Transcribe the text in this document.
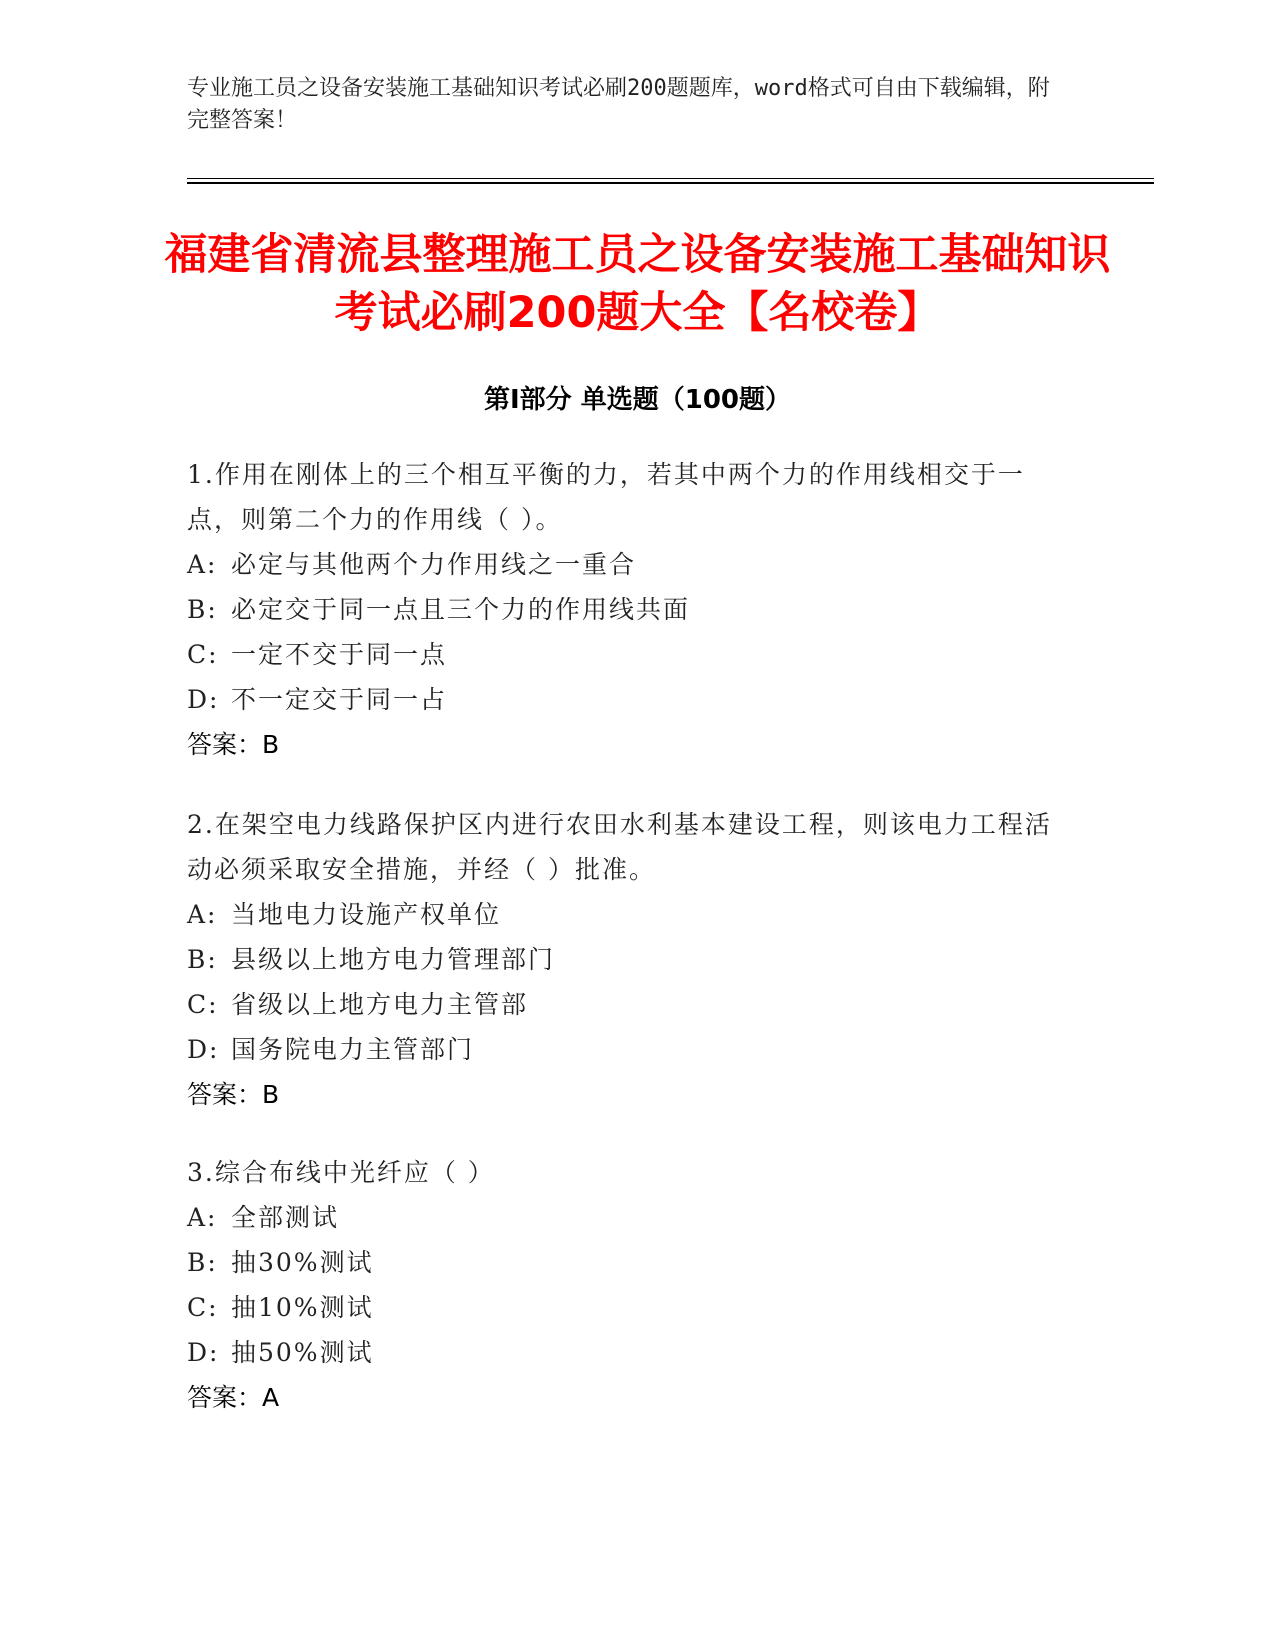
专业施工员之设备安装施工基础知识考试必刷200题题库，word格式可自由下载编辑，附完整答案！
福建省清流县整理施工员之设备安装施工基础知识考试必刷200题大全【名校卷】
第Ⅰ部分 单选题（100题）
1.作用在刚体上的三个相互平衡的力，若其中两个力的作用线相交于一点，则第二个力的作用线（ ）。
A: 必定与其他两个力作用线之一重合
B: 必定交于同一点且三个力的作用线共面
C: 一定不交于同一点
D: 不一定交于同一占
答案：B
2.在架空电力线路保护区内进行农田水利基本建设工程，则该电力工程活动必须采取安全措施，并经（ ）批准。
A: 当地电力设施产权单位
B: 县级以上地方电力管理部门
C: 省级以上地方电力主管部
D: 国务院电力主管部门
答案：B
3.综合布线中光纤应（ ）
A: 全部测试
B: 抽30%测试
C: 抽10%测试
D: 抽50%测试
答案：A
